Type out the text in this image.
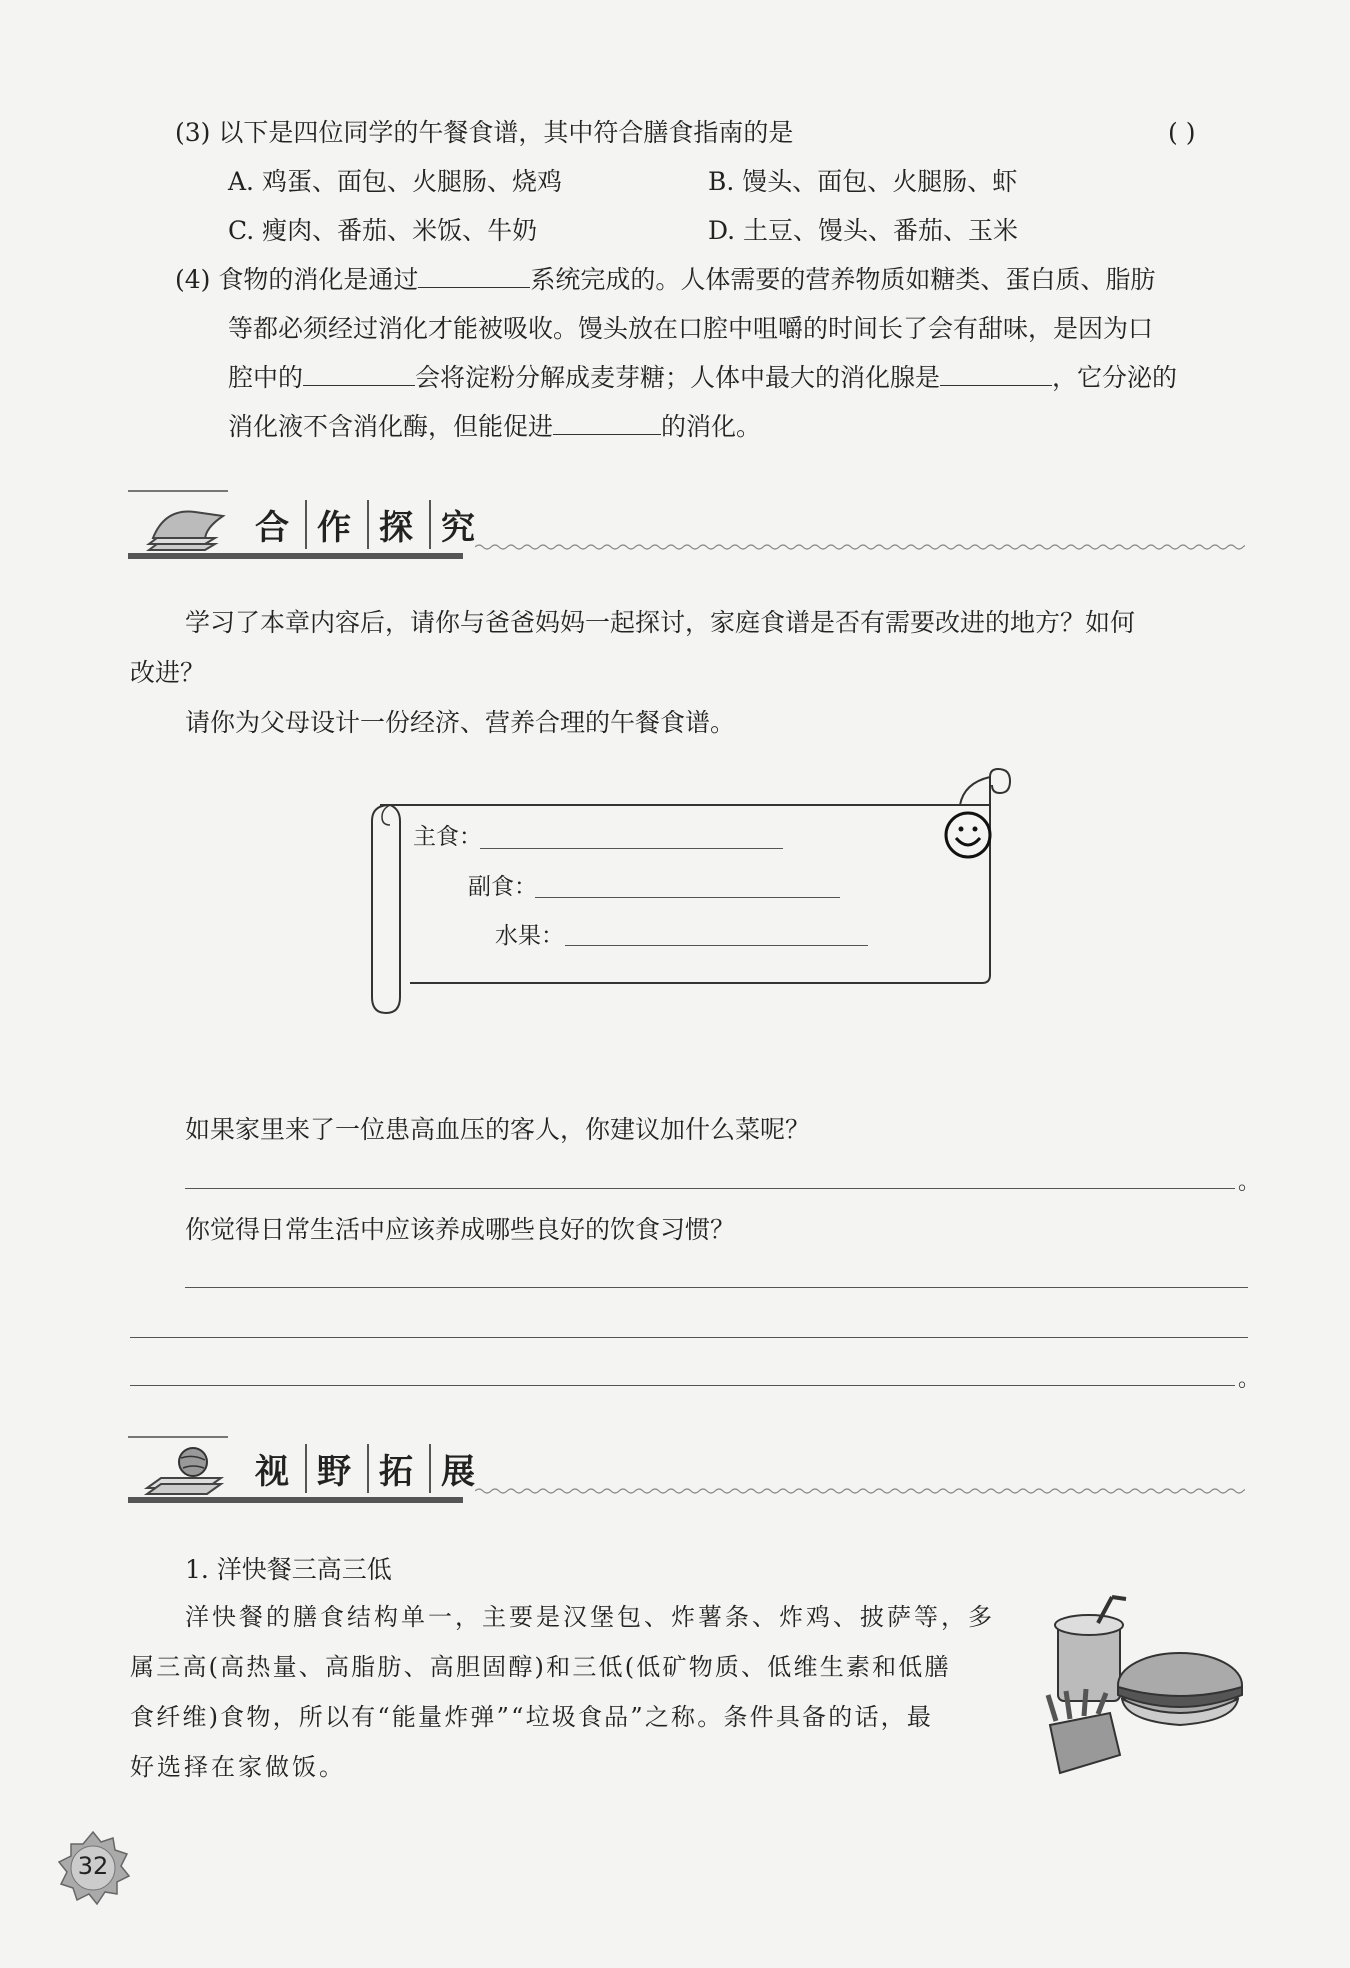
(3) 以下是四位同学的午餐食谱，其中符合膳食指南的是	( )
A. 鸡蛋、面包、火腿肠、烧鸡	B. 馒头、面包、火腿肠、虾
C. 瘦肉、番茄、米饭、牛奶	D. 土豆、馒头、番茄、玉米
(4) 食物的消化是通过	系统完成的。人体需要的营养物质如糖类、蛋白质、脂肪
等都必须经过消化才能被吸收。馒头放在口腔中咀嚼的时间长了会有甜味，是因为口
腔中的	会将淀粉分解成麦芽糖；人体中最大的消化腺是	，它分泌的
消化液不含消化酶，但能促进	的消化。
合 作 探 究
学习了本章内容后，请你与爸爸妈妈一起探讨，家庭食谱是否有需要改进的地方？如何
改进？
请你为父母设计一份经济、营养合理的午餐食谱。
主食：
副食：
水果：
如果家里来了一位患高血压的客人，你建议加什么菜呢？
。
你觉得日常生活中应该养成哪些良好的饮食习惯？
。
视 野 拓 展
1. 洋快餐三高三低
洋快餐的膳食结构单一，主要是汉堡包、炸薯条、炸鸡、披萨等，多
属三高(高热量、高脂肪、高胆固醇)和三低(低矿物质、低维生素和低膳
食纤维)食物，所以有“能量炸弹”“垃圾食品”之称。条件具备的话，最
好选择在家做饭。
32
